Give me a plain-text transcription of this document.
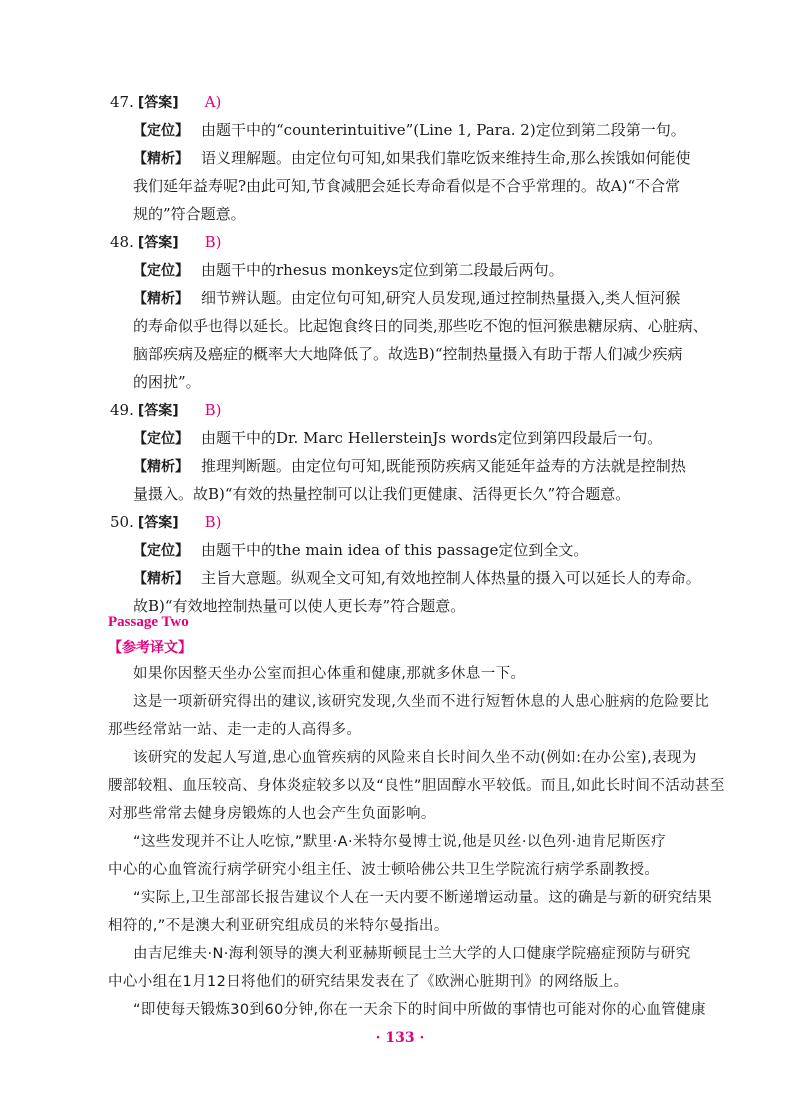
47. [答案] A)
【定位】 由题干中的“counterintuitive”(Line 1, Para. 2)定位到第二段第一句。
【精析】 语义理解题。由定位句可知,如果我们靠吃饭来维持生命,那么挨饿如何能使
我们延年益寿呢?由此可知,节食减肥会延长寿命看似是不合乎常理的。故A)“不合常
规的”符合题意。
48. [答案] B)
【定位】 由题干中的rhesus monkeys定位到第二段最后两句。
【精析】 细节辨认题。由定位句可知,研究人员发现,通过控制热量摄入,类人恒河猴
的寿命似乎也得以延长。比起饱食终日的同类,那些吃不饱的恒河猴患糖尿病、心脏病、
脑部疾病及癌症的概率大大地降低了。故选B)“控制热量摄入有助于帮人们减少疾病
的困扰”。
49. [答案] B)
【定位】 由题干中的Dr. Marc HellersteinJs words定位到第四段最后一句。
【精析】 推理判断题。由定位句可知,既能预防疾病又能延年益寿的方法就是控制热
量摄入。故B)“有效的热量控制可以让我们更健康、活得更长久”符合题意。
50. [答案] B)
【定位】 由题干中的the main idea of this passage定位到全文。
【精析】 主旨大意题。纵观全文可知,有效地控制人体热量的摄入可以延长人的寿命。
故B)“有效地控制热量可以使人更长寿”符合题意。
Passage Two
【参考译文】
如果你因整天坐办公室而担心体重和健康,那就多休息一下。
这是一项新研究得出的建议,该研究发现,久坐而不进行短暂休息的人患心脏病的危险要比
那些经常站一站、走一走的人高得多。
该研究的发起人写道,患心血管疾病的风险来自长时间久坐不动(例如:在办公室),表现为
腰部较粗、血压较高、身体炎症较多以及“良性”胆固醇水平较低。而且,如此长时间不活动甚至
对那些常常去健身房锻炼的人也会产生负面影响。
“这些发现并不让人吃惊,”默里·A·米特尔曼博士说,他是贝丝·以色列·迪肯尼斯医疗
中心的心血管流行病学研究小组主任、波士顿哈佛公共卫生学院流行病学系副教授。
“实际上,卫生部部长报告建议个人在一天内要不断递增运动量。这的确是与新的研究结果
相符的,”不是澳大利亚研究组成员的米特尔曼指出。
由吉尼维夫·N·海利领导的澳大利亚赫斯顿昆士兰大学的人口健康学院癌症预防与研究
中心小组在1月12日将他们的研究结果发表在了《欧洲心脏期刊》的网络版上。
“即使每天锻炼30到60分钟,你在一天余下的时间中所做的事情也可能对你的心血管健康
· 133 ·
